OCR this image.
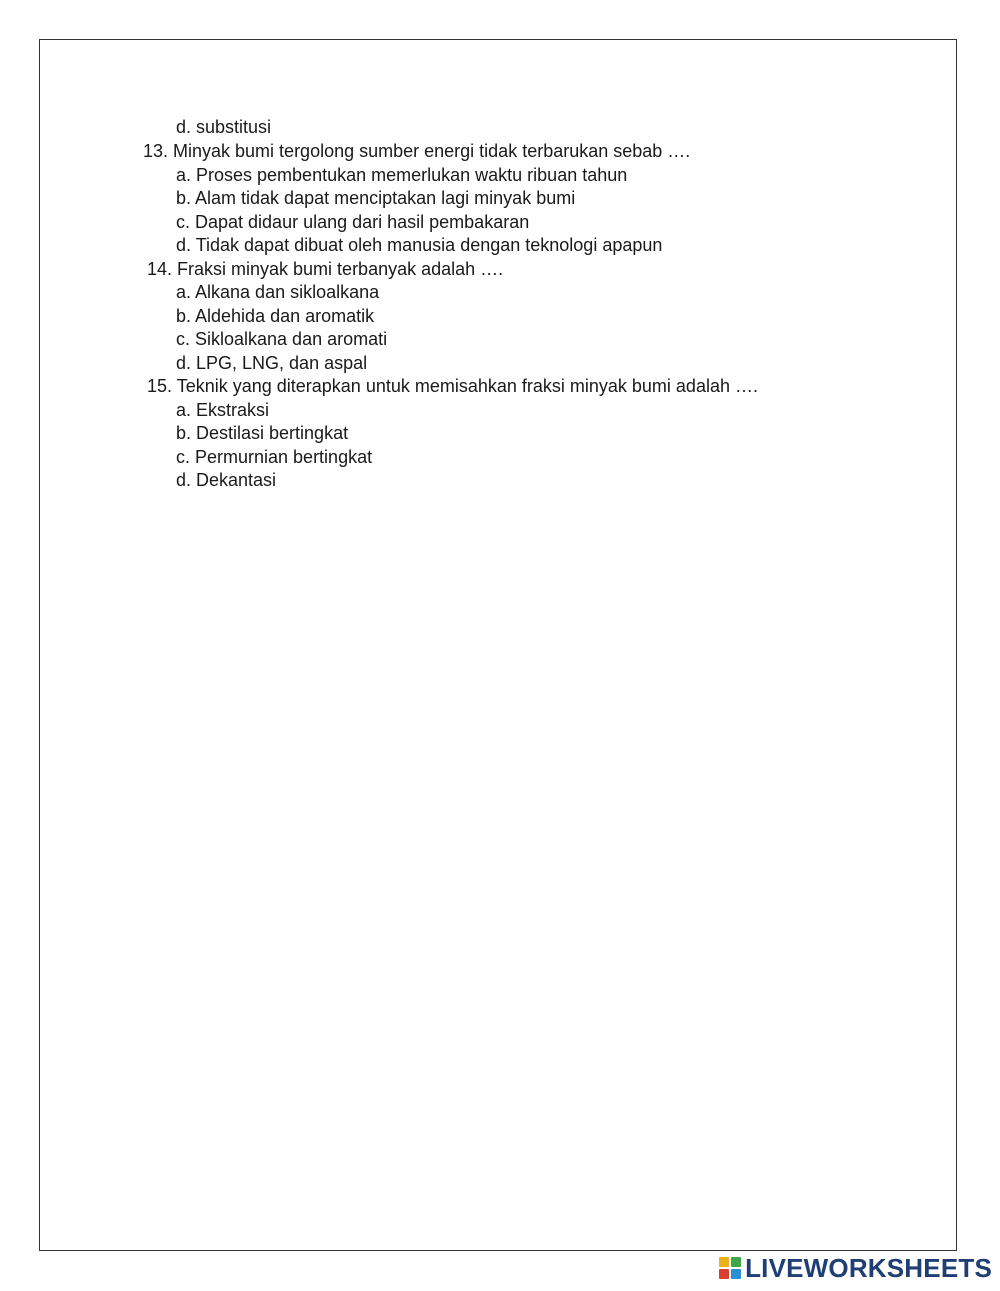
d. substitusi
13. Minyak bumi tergolong sumber energi tidak terbarukan sebab ….
a. Proses pembentukan memerlukan waktu ribuan tahun
b. Alam tidak dapat menciptakan lagi minyak bumi
c. Dapat didaur ulang dari hasil pembakaran
d. Tidak dapat dibuat oleh manusia dengan teknologi apapun
14. Fraksi minyak bumi terbanyak adalah ….
a. Alkana dan sikloalkana
b. Aldehida dan aromatik
c. Sikloalkana dan aromati
d. LPG, LNG, dan aspal
15. Teknik yang diterapkan untuk memisahkan fraksi minyak bumi adalah ….
a. Ekstraksi
b. Destilasi bertingkat
c. Permurnian bertingkat
d. Dekantasi
LIVEWORKSHEETS
